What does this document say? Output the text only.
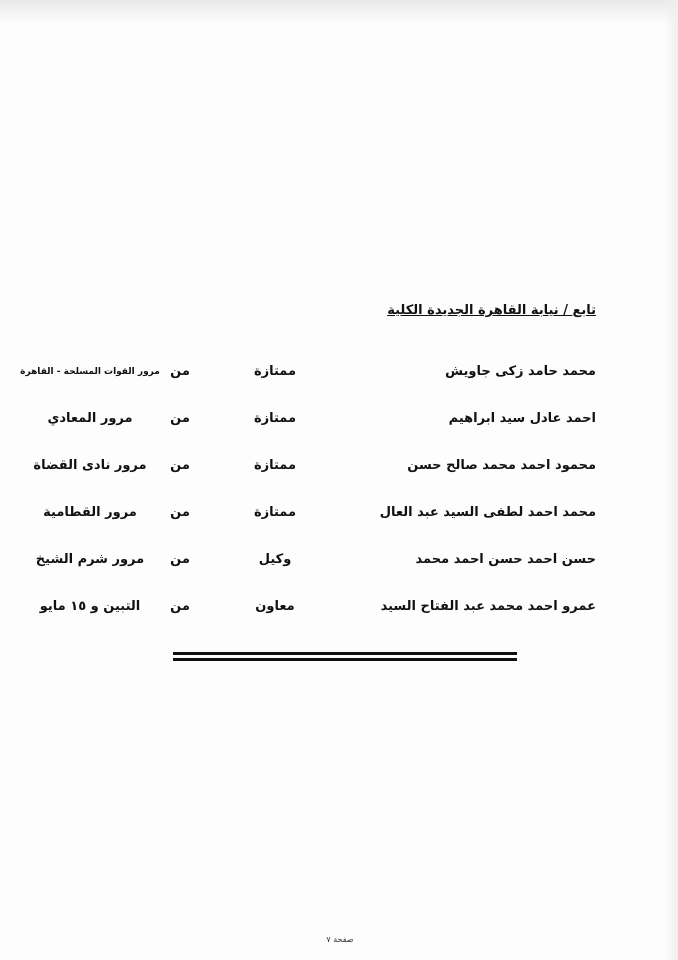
تابع / نيابة القاهرة الجديدة الكلية
محمد حامد زكى جاويش
ممتازة
من
مرور القوات المسلحة - القاهرة
احمد عادل سيد ابراهيم
ممتازة
من
مرور المعادي
محمود احمد محمد صالح حسن
ممتازة
من
مرور نادى القضاة
محمد احمد لطفى السيد عبد العال
ممتازة
من
مرور القطامية
حسن احمد حسن احمد محمد
وكيل
من
مرور شرم الشيخ
عمرو احمد محمد عبد الفتاح السيد
معاون
من
التبين و ١٥ مايو
صفحة ٧
